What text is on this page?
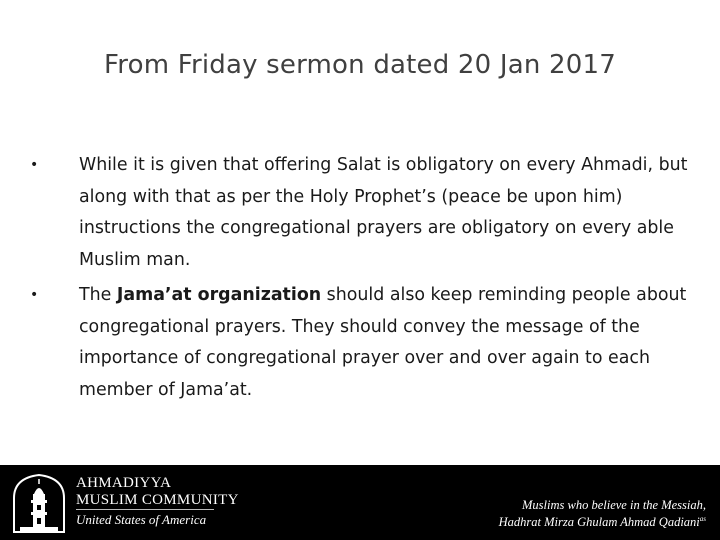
From Friday sermon dated 20 Jan 2017
• While it is given that offering Salat is obligatory on every Ahmadi, but along with that as per the Holy Prophet’s (peace be upon him) instructions the congregational prayers are obligatory on every able Muslim man.
• The Jama’at organization should also keep reminding people about congregational prayers. They should convey the message of the importance of congregational prayer over and over again to each member of Jama’at.
AHMADIYYA
MUSLIM COMMUNITY
United States of America
Muslims who believe in the Messiah,
Hadhrat Mirza Ghulam Ahmad Qadiani$^{as}$
